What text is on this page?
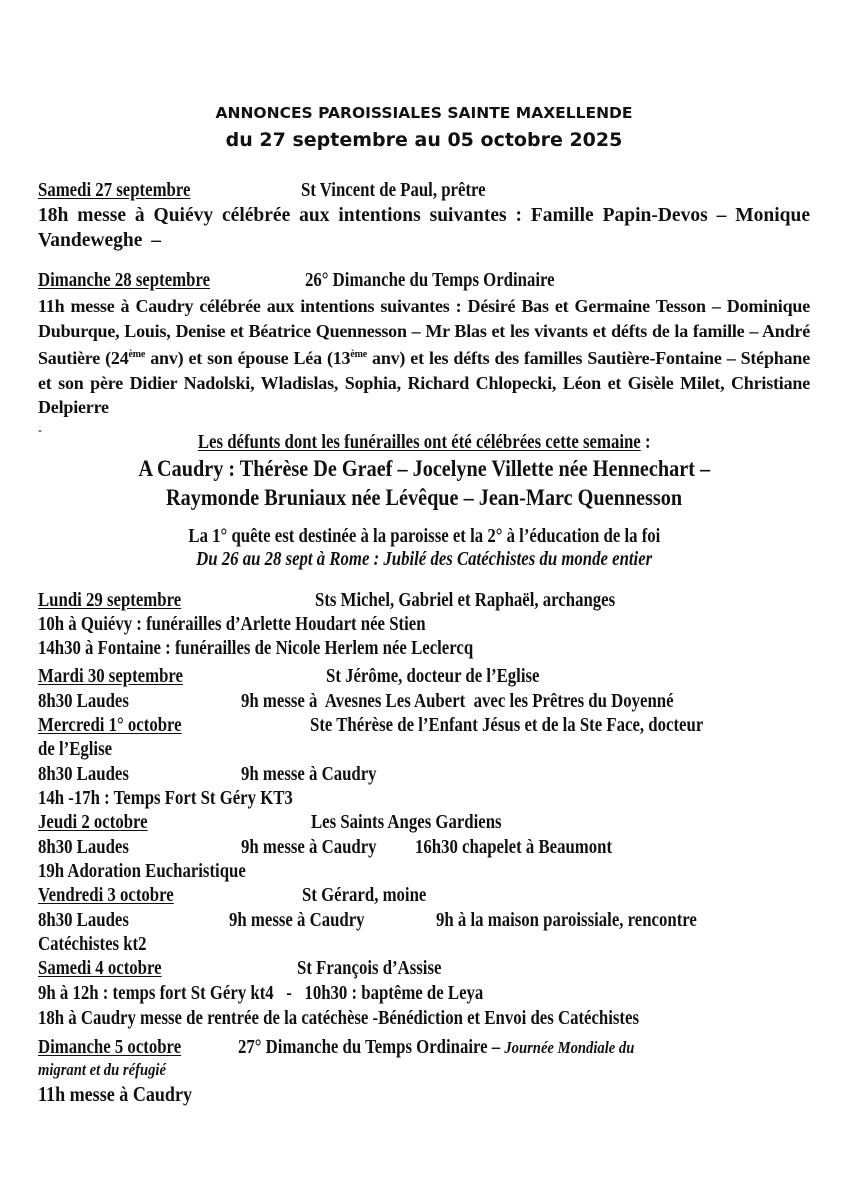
ANNONCES PAROISSIALES SAINTE MAXELLENDE
du 27 septembre au 05 octobre 2025
Samedi 27 septembre	St Vincent de Paul, prêtre
18h messe à Quiévy célébrée aux intentions suivantes : Famille Papin-Devos – Monique Vandeweghe –
Dimanche 28 septembre	26° Dimanche du Temps Ordinaire
11h messe à Caudry célébrée aux intentions suivantes : Désiré Bas et Germaine Tesson – Dominique Duburque, Louis, Denise et Béatrice Quennesson – Mr Blas et les vivants et défts de la famille – André Sautière (24ème anv) et son épouse Léa (13ème anv) et les défts des familles Sautière-Fontaine – Stéphane et son père Didier Nadolski, Wladislas, Sophia, Richard Chlopecki, Léon et Gisèle Milet, Christiane Delpierre
-
Les défunts dont les funérailles ont été célébrées cette semaine :
A Caudry : Thérèse De Graef – Jocelyne Villette née Hennechart –
Raymonde Bruniaux née Lévêque – Jean-Marc Quennesson
La 1° quête est destinée à la paroisse et la 2° à l’éducation de la foi
Du 26 au 28 sept à Rome : Jubilé des Catéchistes du monde entier
Lundi 29 septembre	Sts Michel, Gabriel et Raphaël, archanges
10h à Quiévy : funérailles d’Arlette Houdart née Stien
14h30 à Fontaine : funérailles de Nicole Herlem née Leclercq
Mardi 30 septembre	St Jérôme, docteur de l’Eglise
8h30 Laudes	9h messe à  Avesnes Les Aubert  avec les Prêtres du Doyenné
Mercredi 1° octobre	Ste Thérèse de l’Enfant Jésus et de la Ste Face, docteur
de l’Eglise
8h30 Laudes	9h messe à Caudry
14h -17h : Temps Fort St Géry KT3
Jeudi 2 octobre	Les Saints Anges Gardiens
8h30 Laudes	9h messe à Caudry	16h30 chapelet à Beaumont
19h Adoration Eucharistique
Vendredi 3 octobre	St Gérard, moine
8h30 Laudes	9h messe à Caudry	9h à la maison paroissiale, rencontre
Catéchistes kt2
Samedi 4 octobre	St François d’Assise
9h à 12h : temps fort St Géry kt4   -   10h30 : baptême de Leya
18h à Caudry messe de rentrée de la catéchèse -Bénédiction et Envoi des Catéchistes
Dimanche 5 octobre	27° Dimanche du Temps Ordinaire – Journée Mondiale du
migrant et du réfugié
11h messe à Caudry
